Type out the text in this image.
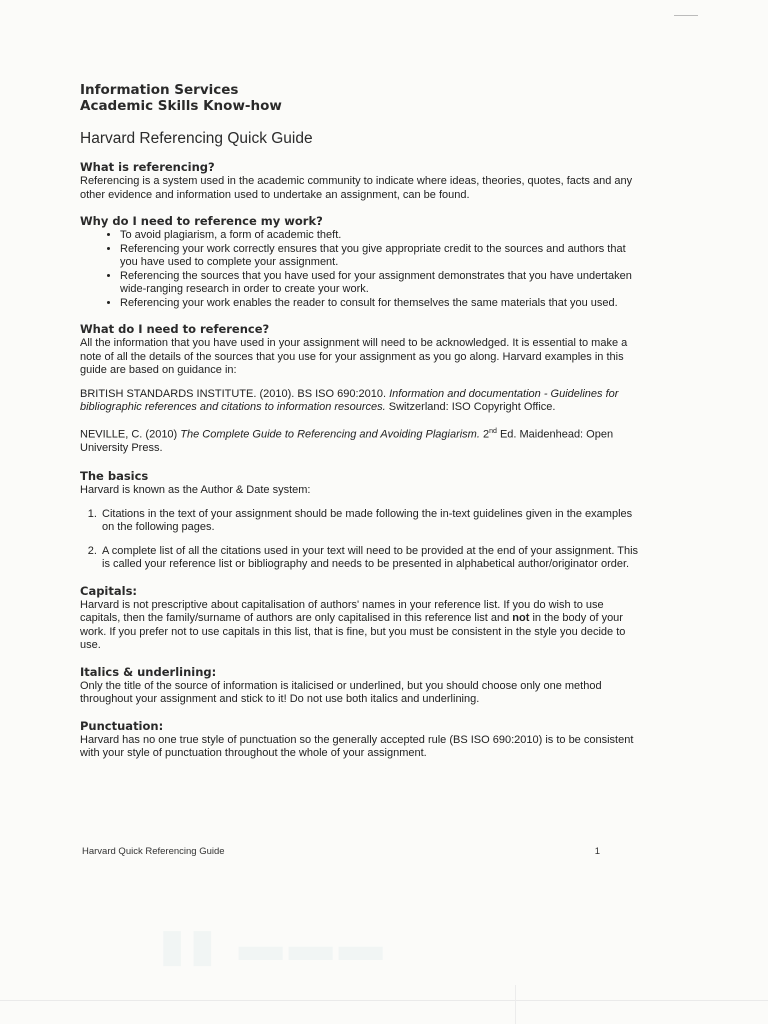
Information Services
Academic Skills Know-how
Harvard Referencing Quick Guide
What is referencing?

Referencing is a system used in the academic community to indicate where ideas, theories, quotes, facts and any other evidence and information used to undertake an assignment, can be found.

Why do I need to reference my work?
• To avoid plagiarism, a form of academic theft.
• Referencing your work correctly ensures that you give appropriate credit to the sources and authors that you have used to complete your assignment.
• Referencing the sources that you have used for your assignment demonstrates that you have undertaken wide-ranging research in order to create your work.
• Referencing your work enables the reader to consult for themselves the same materials that you used.
What do I need to reference?

All the information that you have used in your assignment will need to be acknowledged. It is essential to make a note of all the details of the sources that you use for your assignment as you go along. Harvard examples in this guide are based on guidance in:

BRITISH STANDARDS INSTITUTE. (2010). BS ISO 690:2010. Information and documentation - Guidelines for bibliographic references and citations to information resources. Switzerland: ISO Copyright Office.
NEVILLE, C. (2010) The Complete Guide to Referencing and Avoiding Plagiarism. 2nd Ed. Maidenhead: Open University Press.
The basics

Harvard is known as the Author & Date system:

1. Citations in the text of your assignment should be made following the in-text guidelines given in the examples on the following pages.
2. A complete list of all the citations used in your text will need to be provided at the end of your assignment. This is called your reference list or bibliography and needs to be presented in alphabetical author/originator order.
Capitals:

Harvard is not prescriptive about capitalisation of authors' names in your reference list. If you do wish to use capitals, then the family/surname of authors are only capitalised in this reference list and not in the body of your work. If you prefer not to use capitals in this list, that is fine, but you must be consistent in the style you decide to use.

Italics & underlining:

Only the title of the source of information is italicised or underlined, but you should choose only one method throughout your assignment and stick to it! Do not use both italics and underlining.

Punctuation:

Harvard has no one true style of punctuation so the generally accepted rule (BS ISO 690:2010) is to be consistent with your style of punctuation throughout the whole of your assignment.

Harvard Quick Referencing Guide	1
▮▮ ▬▬▬
